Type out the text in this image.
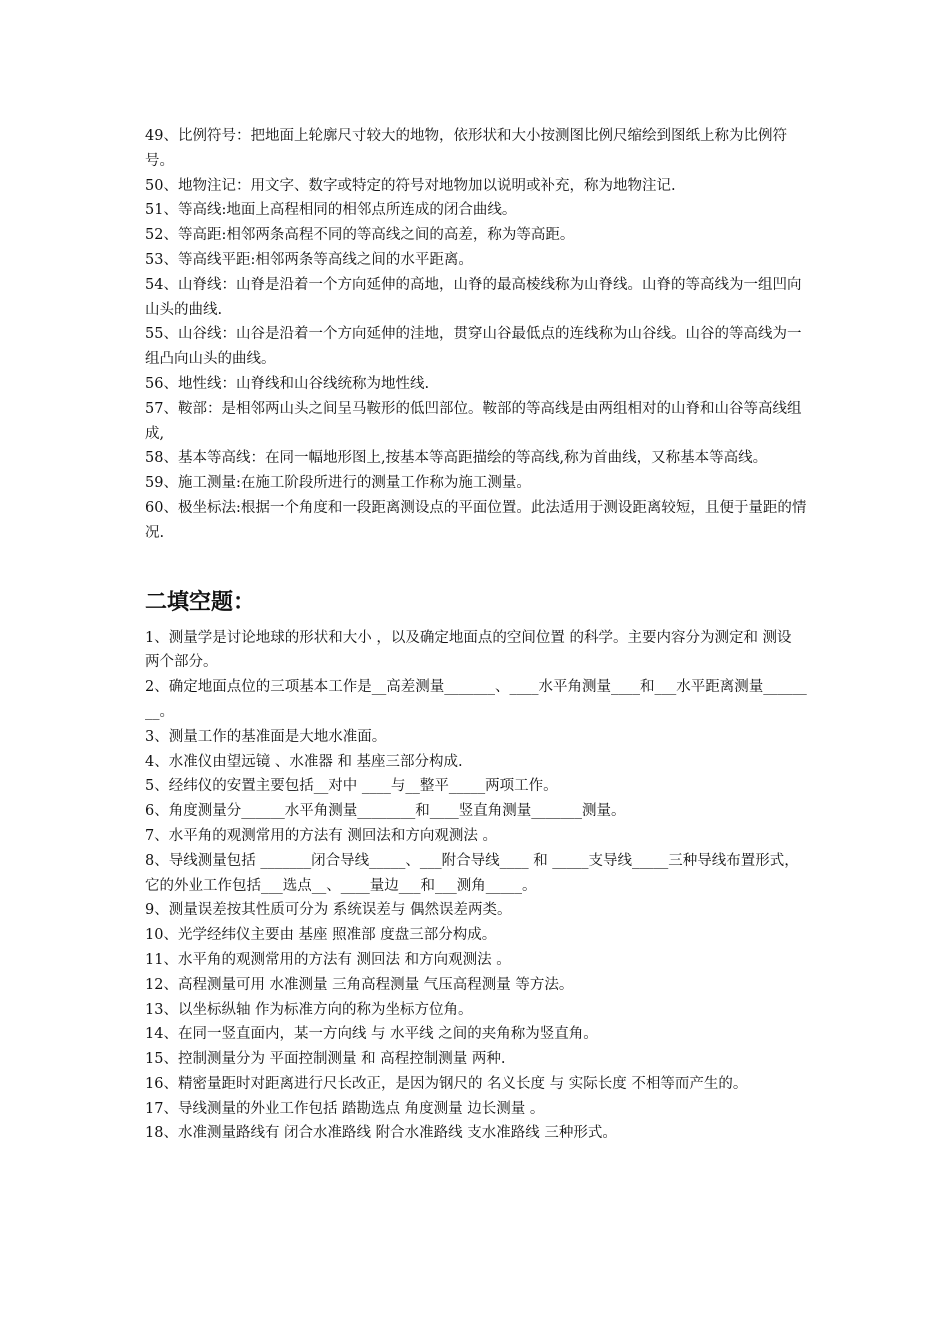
49、比例符号：把地面上轮廓尺寸较大的地物，依形状和大小按测图比例尺缩绘到图纸上称为比例符号。

50、地物注记：用文字、数字或特定的符号对地物加以说明或补充，称为地物注记.

51、等高线:地面上高程相同的相邻点所连成的闭合曲线。

52、等高距:相邻两条高程不同的等高线之间的高差，称为等高距。

53、等高线平距:相邻两条等高线之间的水平距离。

54、山脊线：山脊是沿着一个方向延伸的高地，山脊的最高棱线称为山脊线。山脊的等高线为一组凹向山头的曲线.

55、山谷线：山谷是沿着一个方向延伸的洼地，贯穿山谷最低点的连线称为山谷线。山谷的等高线为一组凸向山头的曲线。

56、地性线：山脊线和山谷线统称为地性线.

57、鞍部：是相邻两山头之间呈马鞍形的低凹部位。鞍部的等高线是由两组相对的山脊和山谷等高线组成,

58、基本等高线：在同一幅地形图上,按基本等高距描绘的等高线,称为首曲线，又称基本等高线。

59、施工测量:在施工阶段所进行的测量工作称为施工测量。

60、极坐标法:根据一个角度和一段距离测设点的平面位置。此法适用于测设距离较短，且便于量距的情况.

二填空题：

1、测量学是讨论地球的形状和大小 ，以及确定地面点的空间位置 的科学。主要内容分为测定和 测设

两个部分。

2、确定地面点位的三项基本工作是__高差测量_______、____水平角测量____和___水平距离测量________。

3、测量工作的基准面是大地水准面。

4、水准仪由望远镜 、水准器 和 基座三部分构成.

5、经纬仪的安置主要包括__对中 ____与__整平_____两项工作。

6、角度测量分______水平角测量________和____竖直角测量_______测量。

7、水平角的观测常用的方法有 测回法和方向观测法 。

8、导线测量包括 _______闭合导线_____、___附合导线____ 和 _____支导线_____三种导线布置形式，它的外业工作包括___选点__、____量边___和___测角_____。

9、测量误差按其性质可分为 系统误差与 偶然误差两类。

10、光学经纬仪主要由 基座 照准部 度盘三部分构成。

11、水平角的观测常用的方法有 测回法 和方向观测法 。

12、高程测量可用 水准测量 三角高程测量 气压高程测量 等方法。

13、以坐标纵轴 作为标准方向的称为坐标方位角。

14、在同一竖直面内，某一方向线 与 水平线 之间的夹角称为竖直角。

15、控制测量分为 平面控制测量 和 高程控制测量 两种.

16、精密量距时对距离进行尺长改正，是因为钢尺的 名义长度 与 实际长度 不相等而产生的。

17、导线测量的外业工作包括 踏勘选点 角度测量 边长测量 。

18、水准测量路线有 闭合水准路线 附合水准路线 支水准路线 三种形式。
